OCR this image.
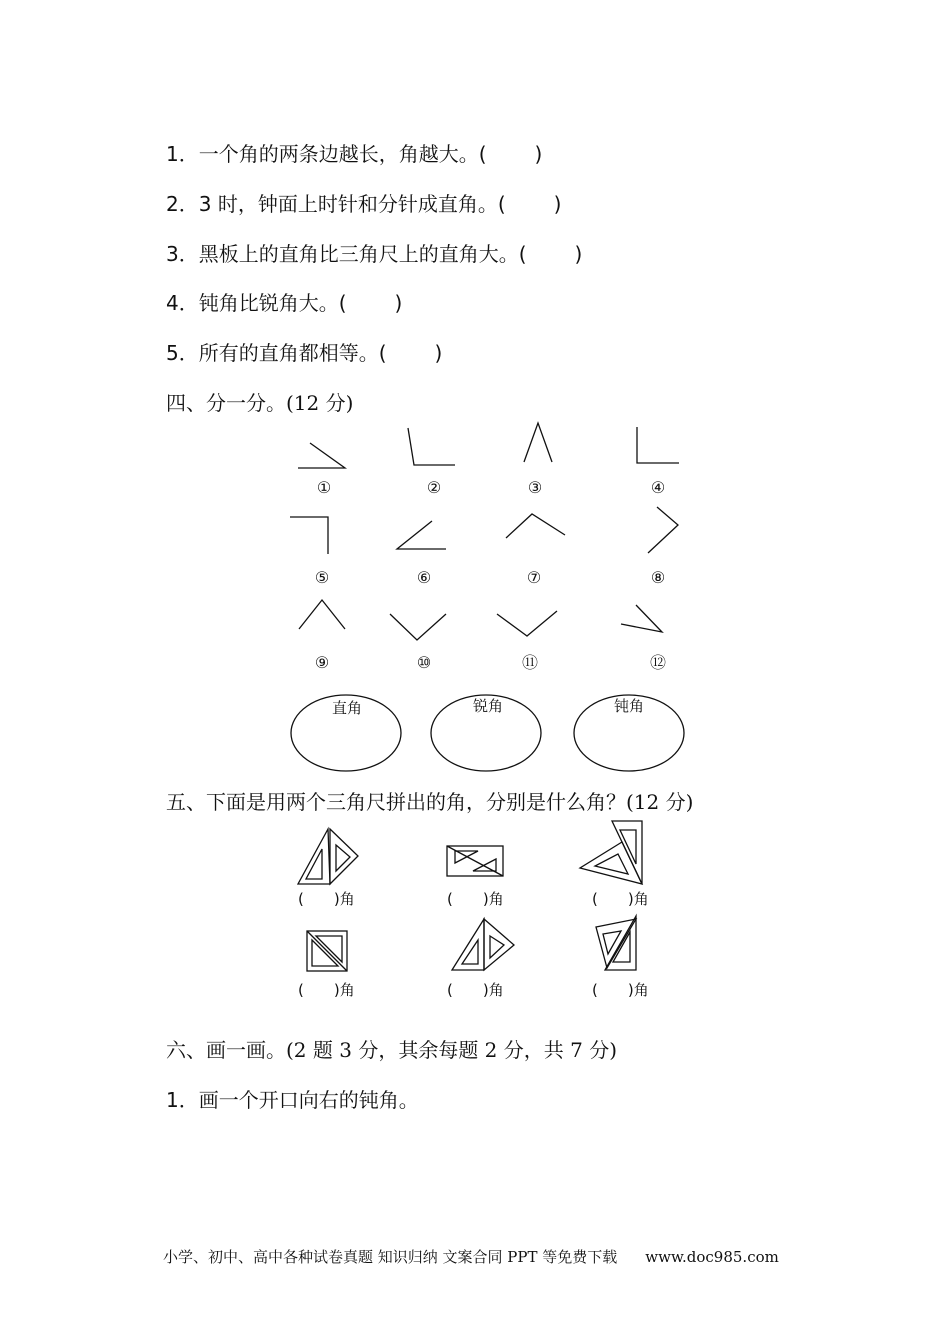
1．一个角的两条边越长，角越大。( )
2．3 时，钟面上时针和分针成直角。( )
3．黑板上的直角比三角尺上的直角大。( )
4．钝角比锐角大。( )
5．所有的直角都相等。( )
四、分一分。(12 分)
①	②	③	④
⑤	⑥	⑦	⑧
⑨	⑩	⑪	⑫
直角	锐角	钝角
五、下面是用两个三角尺拼出的角，分别是什么角？(12 分)
(　　)角	(　　)角	(　　)角
(　　)角	(　　)角	(　　)角
六、画一画。(2 题 3 分，其余每题 2 分，共 7 分)
1．画一个开口向右的钝角。
小学、初中、高中各种试卷真题 知识归纳 文案合同 PPT 等免费下载 www.doc985.com
